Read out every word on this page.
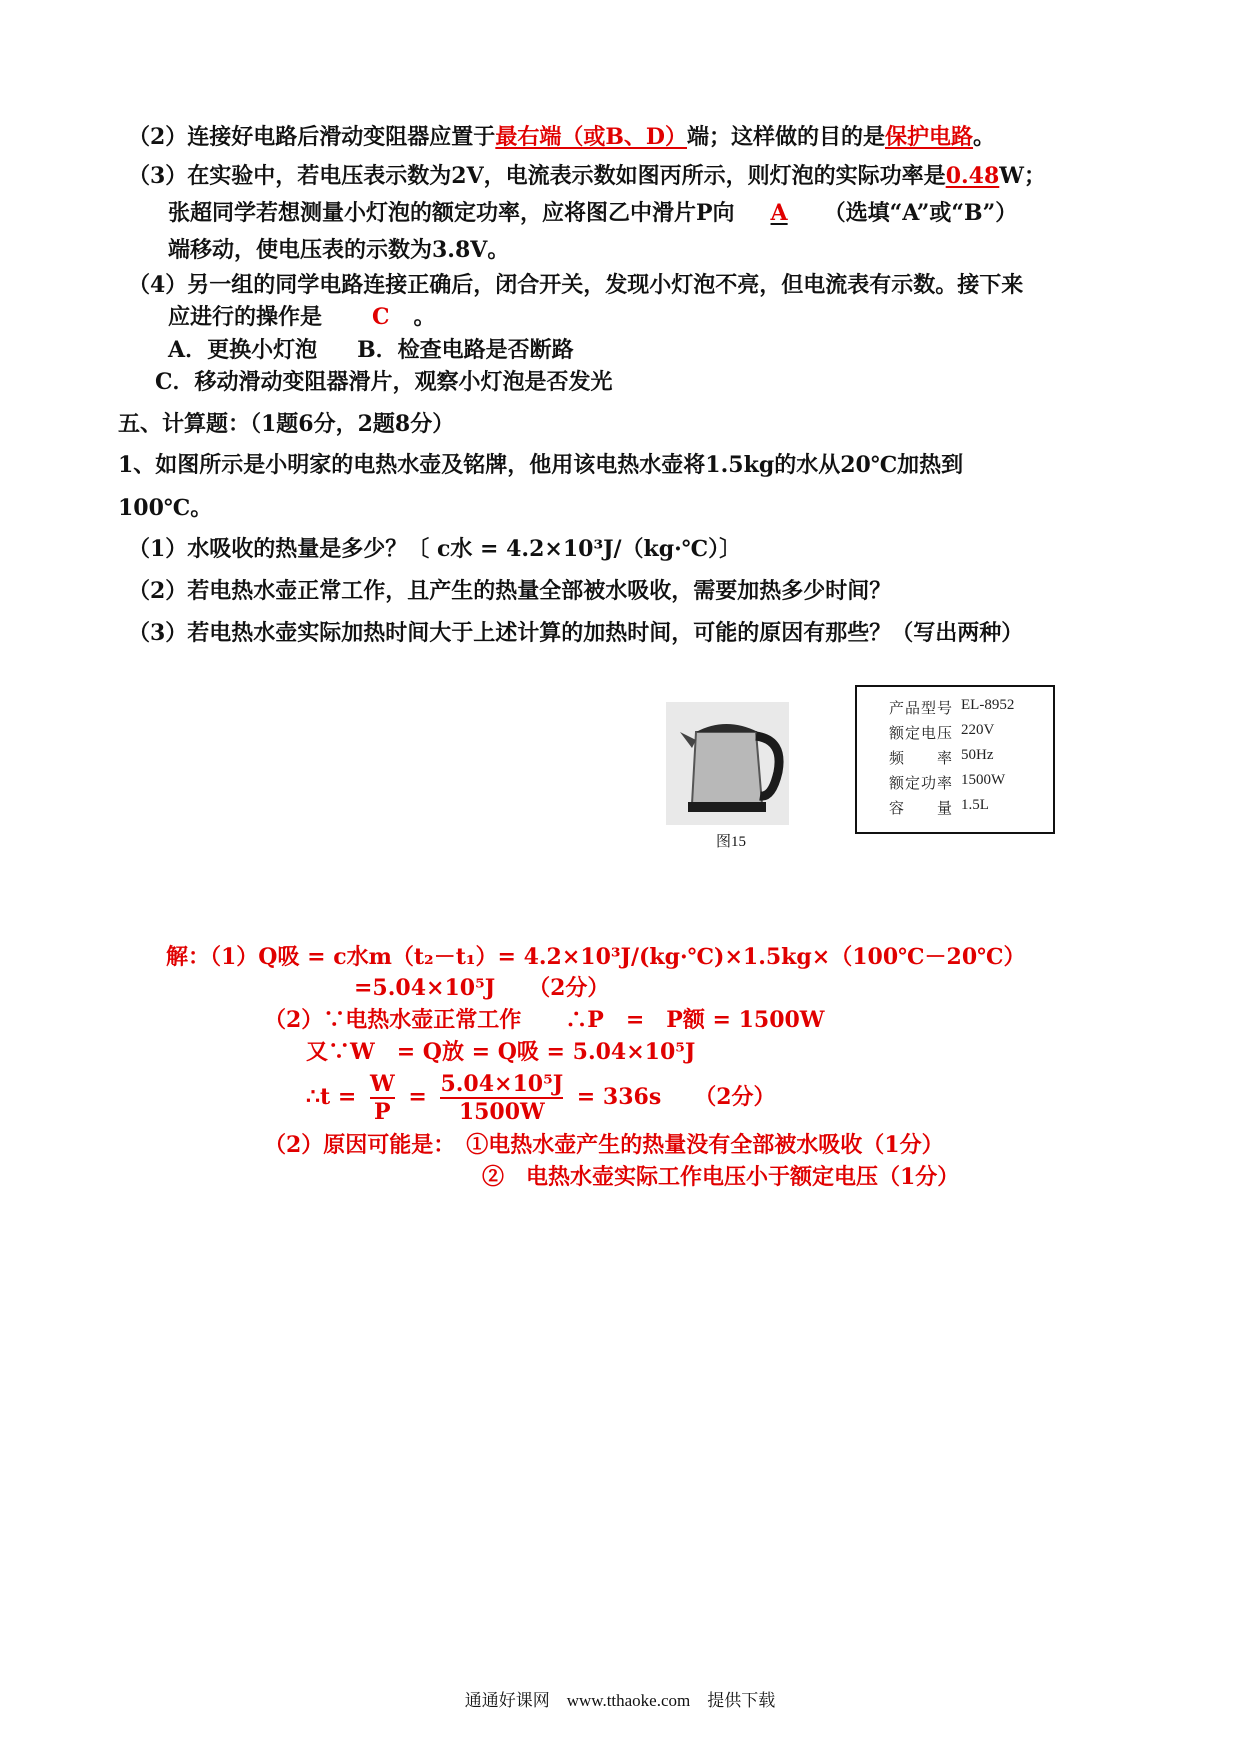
（2）连接好电路后滑动变阻器应置于最右端（或B、D）端；这样做的目的是保护电路。
（3）在实验中，若电压表示数为2V，电流表示数如图丙所示，则灯泡的实际功率是0.48W；
张超同学若想测量小灯泡的额定功率，应将图乙中滑片P向 A （选填“A”或“B”）
端移动，使电压表的示数为3.8V。
（4）另一组的同学电路连接正确后，闭合开关，发现小灯泡不亮，但电流表有示数。接下来
应进行的操作是 C 。
A．更换小灯泡 B．检查电路是否断路
C．移动滑动变阻器滑片，观察小灯泡是否发光
五、计算题：（1题6分，2题8分）
1、如图所示是小明家的电热水壶及铭牌，他用该电热水壶将1.5kg的水从20℃加热到
100℃。
（1）水吸收的热量是多少？〔 c水 = 4.2×10³J/（kg·℃）〕
（2）若电热水壶正常工作，且产生的热量全部被水吸收，需要加热多少时间？
（3）若电热水壶实际加热时间大于上述计算的加热时间，可能的原因有那些？（写出两种）
图15
产品型号 EL-8952
额定电压 220V
频　　率 50Hz
额定功率 1500W
容　　量 1.5L
解：（1）Q吸 = c水m（t₂－t₁）= 4.2×10³J/(kg·℃)×1.5kg×（100℃－20℃）
=5.04×10⁵J　　（2分）
（2）∵电热水壶正常工作　　∴P　=　P额 = 1500W
又∵W　= Q放 = Q吸 = 5.04×10⁵J
∴t = $\frac{W}{P} = \frac{\text{5.04×10⁵J}}{1500W} = 336s$　　（2分）
（2）原因可能是：　①电热水壶产生的热量没有全部被水吸收（1分）
②　电热水壶实际工作电压小于额定电压（1分）
通通好课网　www.tthaoke.com　提供下载
